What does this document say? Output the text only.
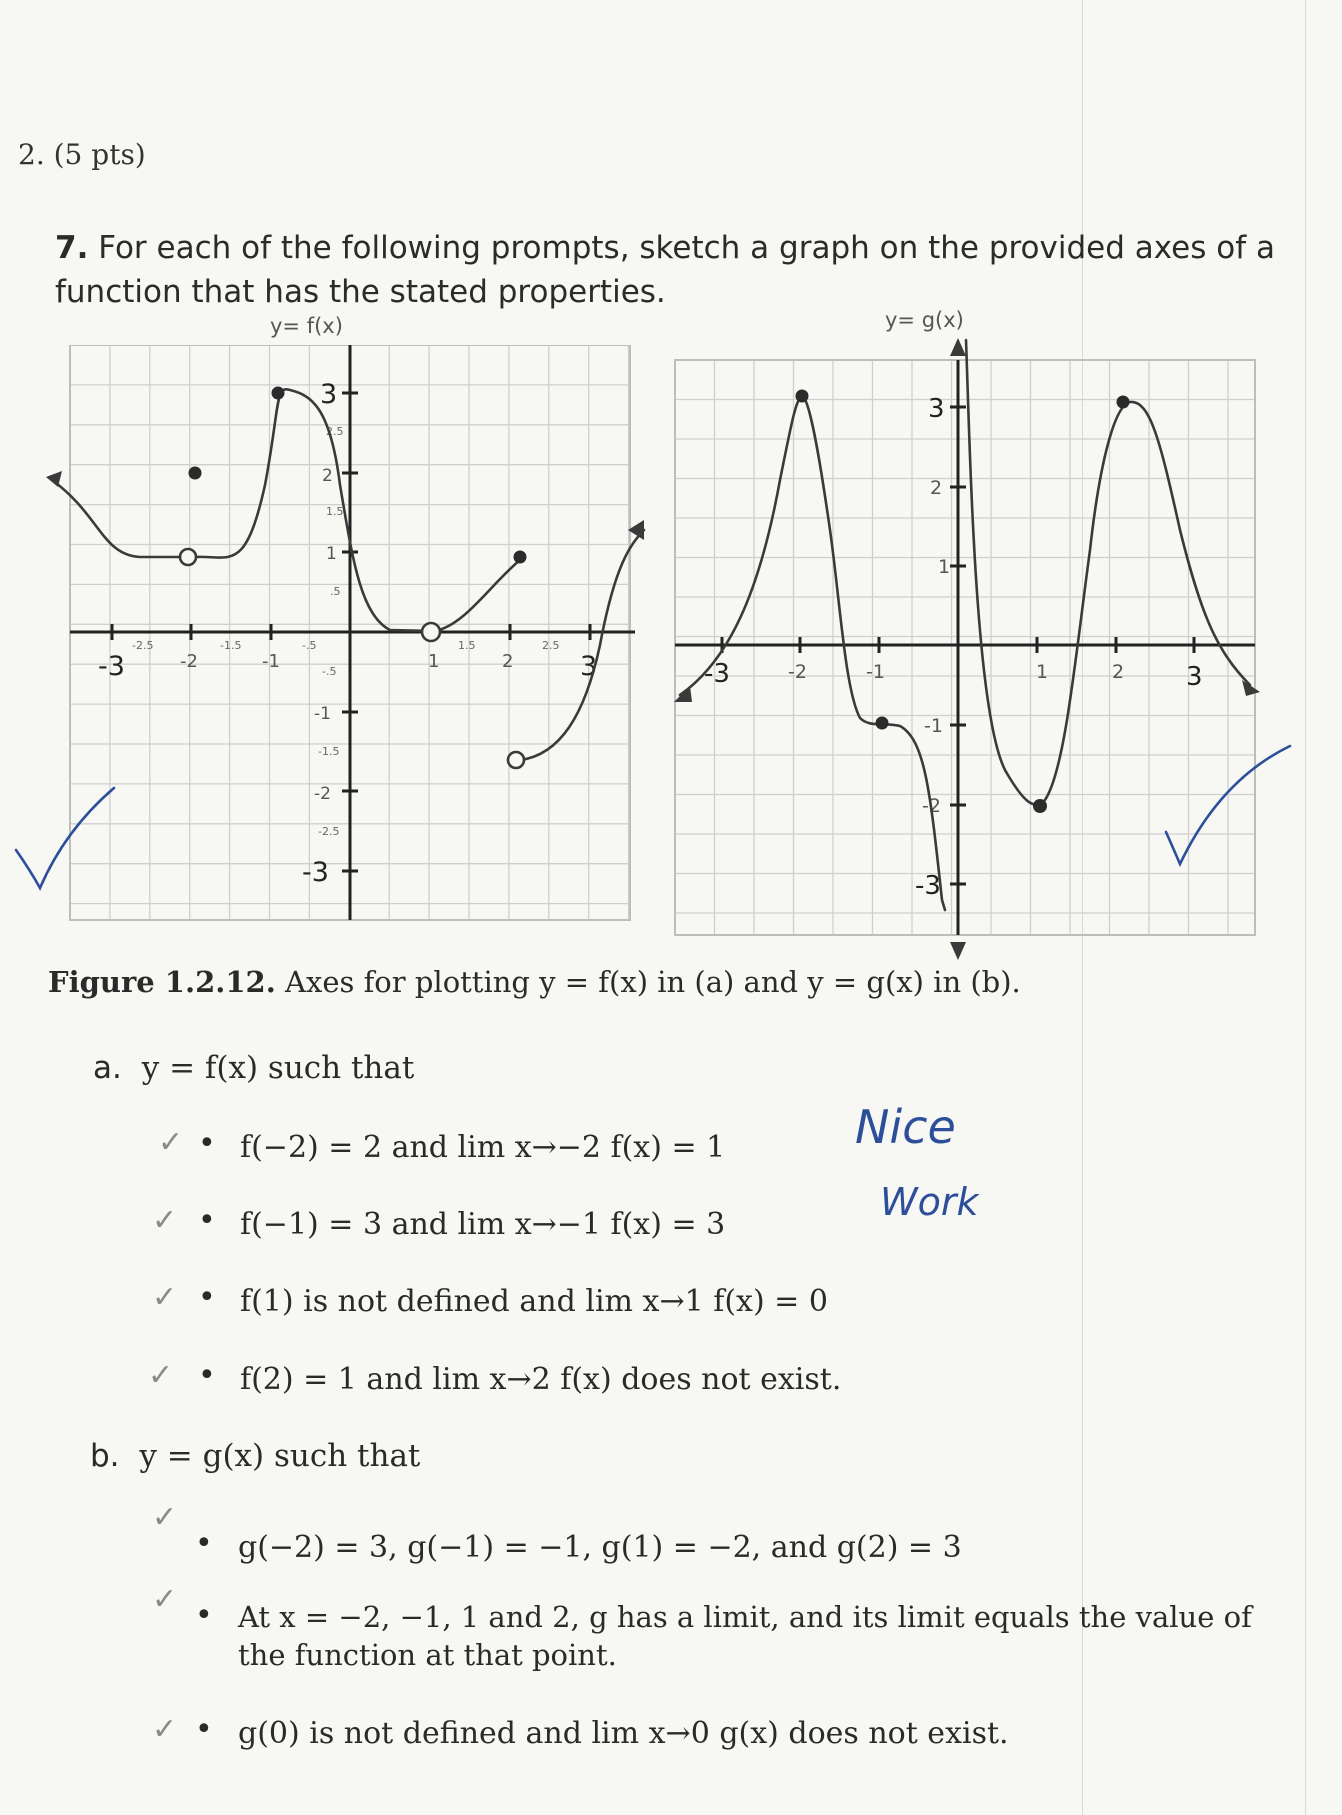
2. (5 pts)
7. For each of the following prompts, sketch a graph on the provided axes of a
function that has the stated properties.
y= f(x)	y= g(x)
-3	-2	-1	1	2 3
3
2
1
-1
-2
-3
-2.5	-1.5	-.5	1.5	2.5
2.5
1.5
.5
-.5
-1.5
-2.5
-3	-2	-1	1	2 3
3
2
1
-1
-2
-3
Figure 1.2.12. Axes for plotting y = f(x) in (a) and y = g(x) in (b).
a. y = f(x) such that
✓ • f(−2) = 2 and lim x→−2 f(x) = 1
✓ • f(−1) = 3 and lim x→−1 f(x) = 3
✓ • f(1) is not defined and lim x→1 f(x) = 0
✓ • f(2) = 1 and lim x→2 f(x) does not exist.
Nice
Work
b. y = g(x) such that
✓
• g(−2) = 3, g(−1) = −1, g(1) = −2, and g(2) = 3
✓ • At x = −2, −1, 1 and 2, g has a limit, and its limit equals the value of
the function at that point.
✓ • g(0) is not defined and lim x→0 g(x) does not exist.
